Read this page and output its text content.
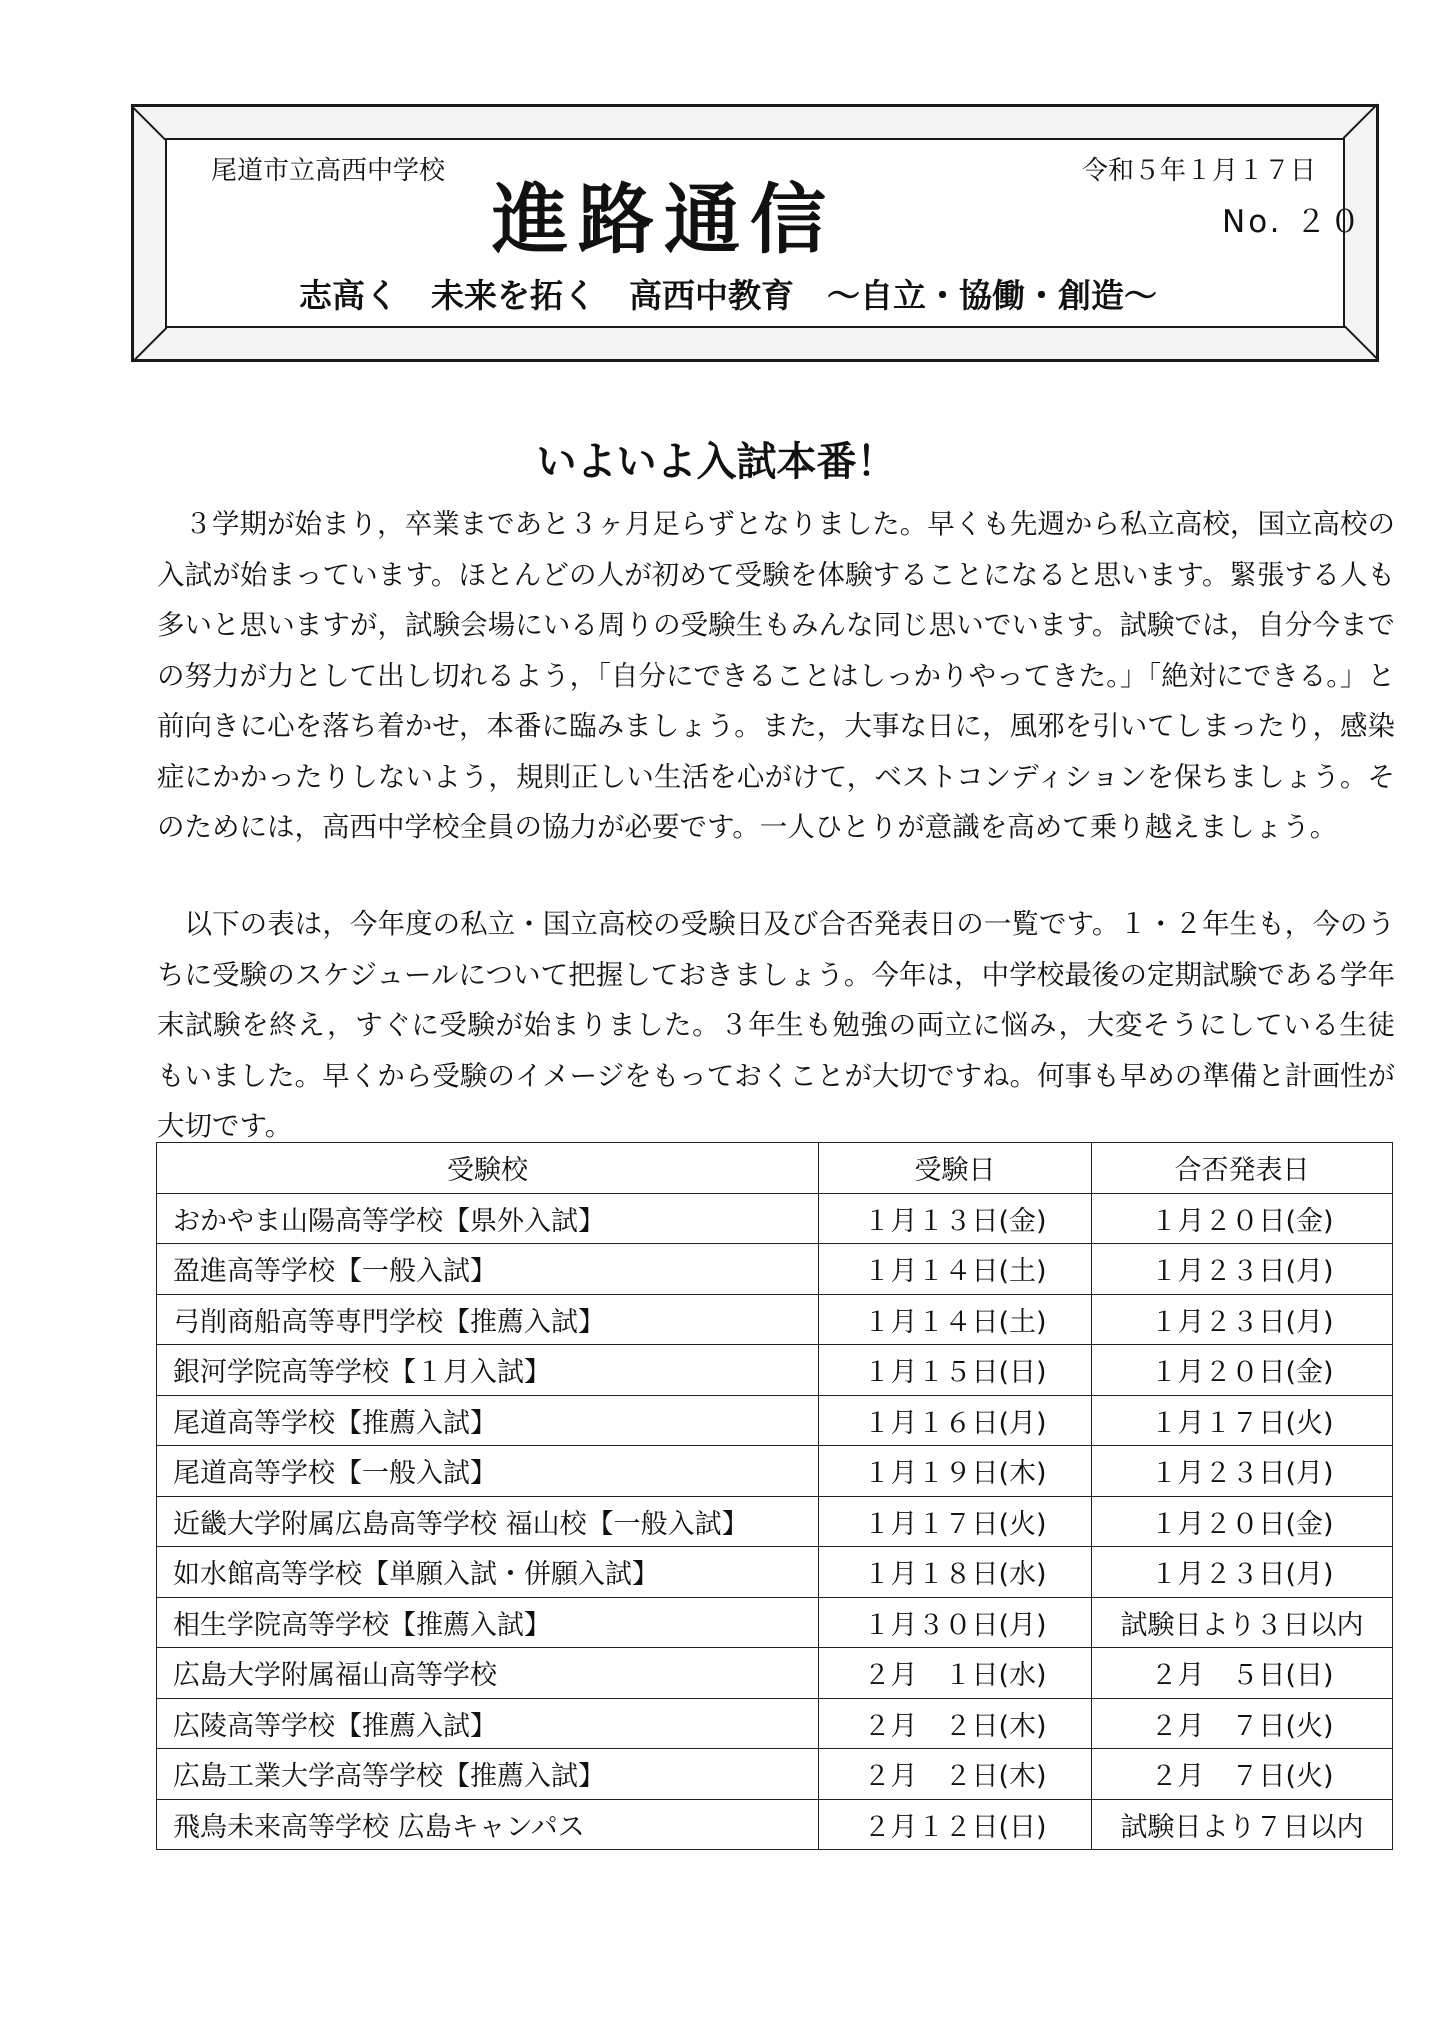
尾道市立高西中学校	令和５年１月１７日
進路通信	No. ２０
志高く　未来を拓く　高西中教育　～自立・協働・創造～
いよいよ入試本番！

３学期が始まり，卒業まであと３ヶ月足らずとなりました。早くも先週から私立高校，国立高校の入試が始まっています。ほとんどの人が初めて受験を体験することになると思います。緊張する人も多いと思いますが，試験会場にいる周りの受験生もみんな同じ思いでいます。試験では，自分今までの努力が力として出し切れるよう，「自分にできることはしっかりやってきた。」「絶対にできる。」と前向きに心を落ち着かせ，本番に臨みましょう。また，大事な日に，風邪を引いてしまったり，感染症にかかったりしないよう，規則正しい生活を心がけて，ベストコンディションを保ちましょう。そのためには，高西中学校全員の協力が必要です。一人ひとりが意識を高めて乗り越えましょう。

以下の表は，今年度の私立・国立高校の受験日及び合否発表日の一覧です。１・２年生も，今のうちに受験のスケジュールについて把握しておきましょう。今年は，中学校最後の定期試験である学年末試験を終え，すぐに受験が始まりました。３年生も勉強の両立に悩み，大変そうにしている生徒もいました。早くから受験のイメージをもっておくことが大切ですね。何事も早めの準備と計画性が大切です。

受験校	受験日	合否発表日
おかやま山陽高等学校【県外入試】	１月１３日(金)	１月２０日(金)
盈進高等学校【一般入試】	１月１４日(土)	１月２３日(月)
弓削商船高等専門学校【推薦入試】	１月１４日(土)	１月２３日(月)
銀河学院高等学校【１月入試】	１月１５日(日)	１月２０日(金)
尾道高等学校【推薦入試】	１月１６日(月)	１月１７日(火)
尾道高等学校【一般入試】	１月１９日(木)	１月２３日(月)
近畿大学附属広島高等学校 福山校【一般入試】	１月１７日(火)	１月２０日(金)
如水館高等学校【単願入試・併願入試】	１月１８日(水)	１月２３日(月)
相生学院高等学校【推薦入試】	１月３０日(月)	試験日より３日以内
広島大学附属福山高等学校	２月　１日(水)	２月　５日(日)
広陵高等学校【推薦入試】	２月　２日(木)	２月　７日(火)
広島工業大学高等学校【推薦入試】	２月　２日(木)	２月　７日(火)
飛鳥未来高等学校 広島キャンパス	２月１２日(日)	試験日より７日以内
